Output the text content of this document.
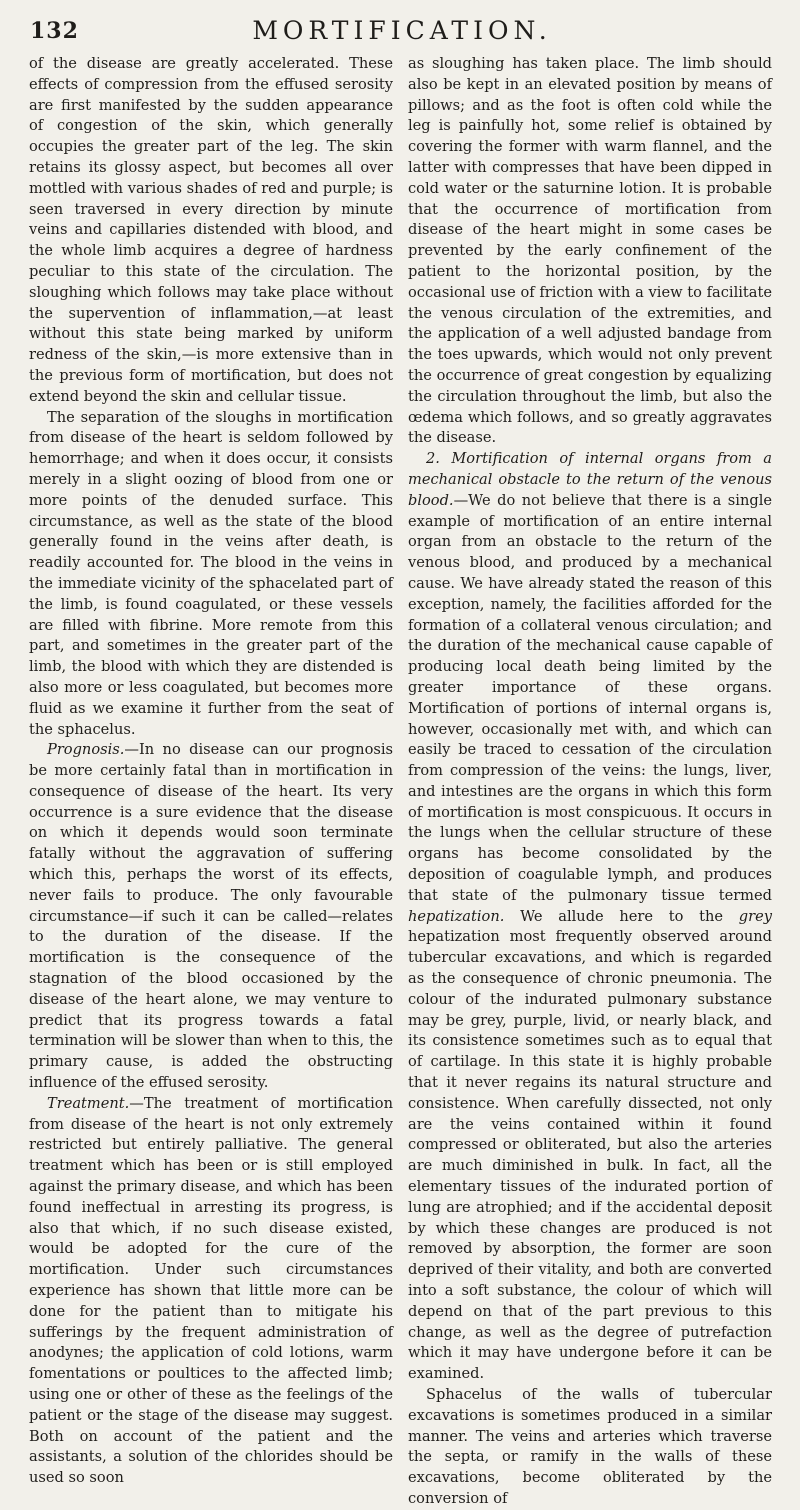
132	MORTIFICATION.

of the disease are greatly accelerated. These effects of compression from the effused serosity are first manifested by the sudden appearance of congestion of the skin, which generally occupies the greater part of the leg. The skin retains its glossy aspect, but becomes all over mottled with various shades of red and purple; is seen traversed in every direction by minute veins and capillaries distended with blood, and the whole limb acquires a degree of hardness peculiar to this state of the circulation. The sloughing which follows may take place without the supervention of inflammation,—at least without this state being marked by uniform redness of the skin,—is more extensive than in the previous form of mortification, but does not extend beyond the skin and cellular tissue.

The separation of the sloughs in mortification from disease of the heart is seldom followed by hemorrhage; and when it does occur, it consists merely in a slight oozing of blood from one or more points of the denuded surface. This circumstance, as well as the state of the blood generally found in the veins after death, is readily accounted for. The blood in the veins in the immediate vicinity of the sphacelated part of the limb, is found coagulated, or these vessels are filled with fibrine. More remote from this part, and sometimes in the greater part of the limb, the blood with which they are distended is also more or less coagulated, but becomes more fluid as we examine it further from the seat of the sphacelus.

Prognosis.—In no disease can our prognosis be more certainly fatal than in mortification in consequence of disease of the heart. Its very occurrence is a sure evidence that the disease on which it depends would soon terminate fatally without the aggravation of suffering which this, perhaps the worst of its effects, never fails to produce. The only favourable circumstance—if such it can be called—relates to the duration of the disease. If the mortification is the consequence of the stagnation of the blood occasioned by the disease of the heart alone, we may venture to predict that its progress towards a fatal termination will be slower than when to this, the primary cause, is added the obstructing influence of the effused serosity.

Treatment.—The treatment of mortification from disease of the heart is not only extremely restricted but entirely palliative. The general treatment which has been or is still employed against the primary disease, and which has been found ineffectual in arresting its progress, is also that which, if no such disease existed, would be adopted for the cure of the mortification. Under such circumstances experience has shown that little more can be done for the patient than to mitigate his sufferings by the frequent administration of anodynes; the application of cold lotions, warm fomentations or poultices to the affected limb; using one or other of these as the feelings of the patient or the stage of the disease may suggest. Both on account of the patient and the assistants, a solution of the chlorides should be used so soon

as sloughing has taken place. The limb should also be kept in an elevated position by means of pillows; and as the foot is often cold while the leg is painfully hot, some relief is obtained by covering the former with warm flannel, and the latter with compresses that have been dipped in cold water or the saturnine lotion. It is probable that the occurrence of mortification from disease of the heart might in some cases be prevented by the early confinement of the patient to the horizontal position, by the occasional use of friction with a view to facilitate the venous circulation of the extremities, and the application of a well adjusted bandage from the toes upwards, which would not only prevent the occurrence of great congestion by equalizing the circulation throughout the limb, but also the œdema which follows, and so greatly aggravates the disease.

2. Mortification of internal organs from a mechanical obstacle to the return of the venous blood.—We do not believe that there is a single example of mortification of an entire internal organ from an obstacle to the return of the venous blood, and produced by a mechanical cause. We have already stated the reason of this exception, namely, the facilities afforded for the formation of a collateral venous circulation; and the duration of the mechanical cause capable of producing local death being limited by the greater importance of these organs. Mortification of portions of internal organs is, however, occasionally met with, and which can easily be traced to cessation of the circulation from compression of the veins: the lungs, liver, and intestines are the organs in which this form of mortification is most conspicuous. It occurs in the lungs when the cellular structure of these organs has become consolidated by the deposition of coagulable lymph, and produces that state of the pulmonary tissue termed hepatization. We allude here to the grey hepatization most frequently observed around tubercular excavations, and which is regarded as the consequence of chronic pneumonia. The colour of the indurated pulmonary substance may be grey, purple, livid, or nearly black, and its consistence sometimes such as to equal that of cartilage. In this state it is highly probable that it never regains its natural structure and consistence. When carefully dissected, not only are the veins contained within it found compressed or obliterated, but also the arteries are much diminished in bulk. In fact, all the elementary tissues of the indurated portion of lung are atrophied; and if the accidental deposit by which these changes are produced is not removed by absorption, the former are soon deprived of their vitality, and both are converted into a soft substance, the colour of which will depend on that of the part previous to this change, as well as the degree of putrefaction which it may have undergone before it can be examined.

Sphacelus of the walls of tubercular excavations is sometimes produced in a similar manner. The veins and arteries which traverse the septa, or ramify in the walls of these excavations, become obliterated by the conversion of
